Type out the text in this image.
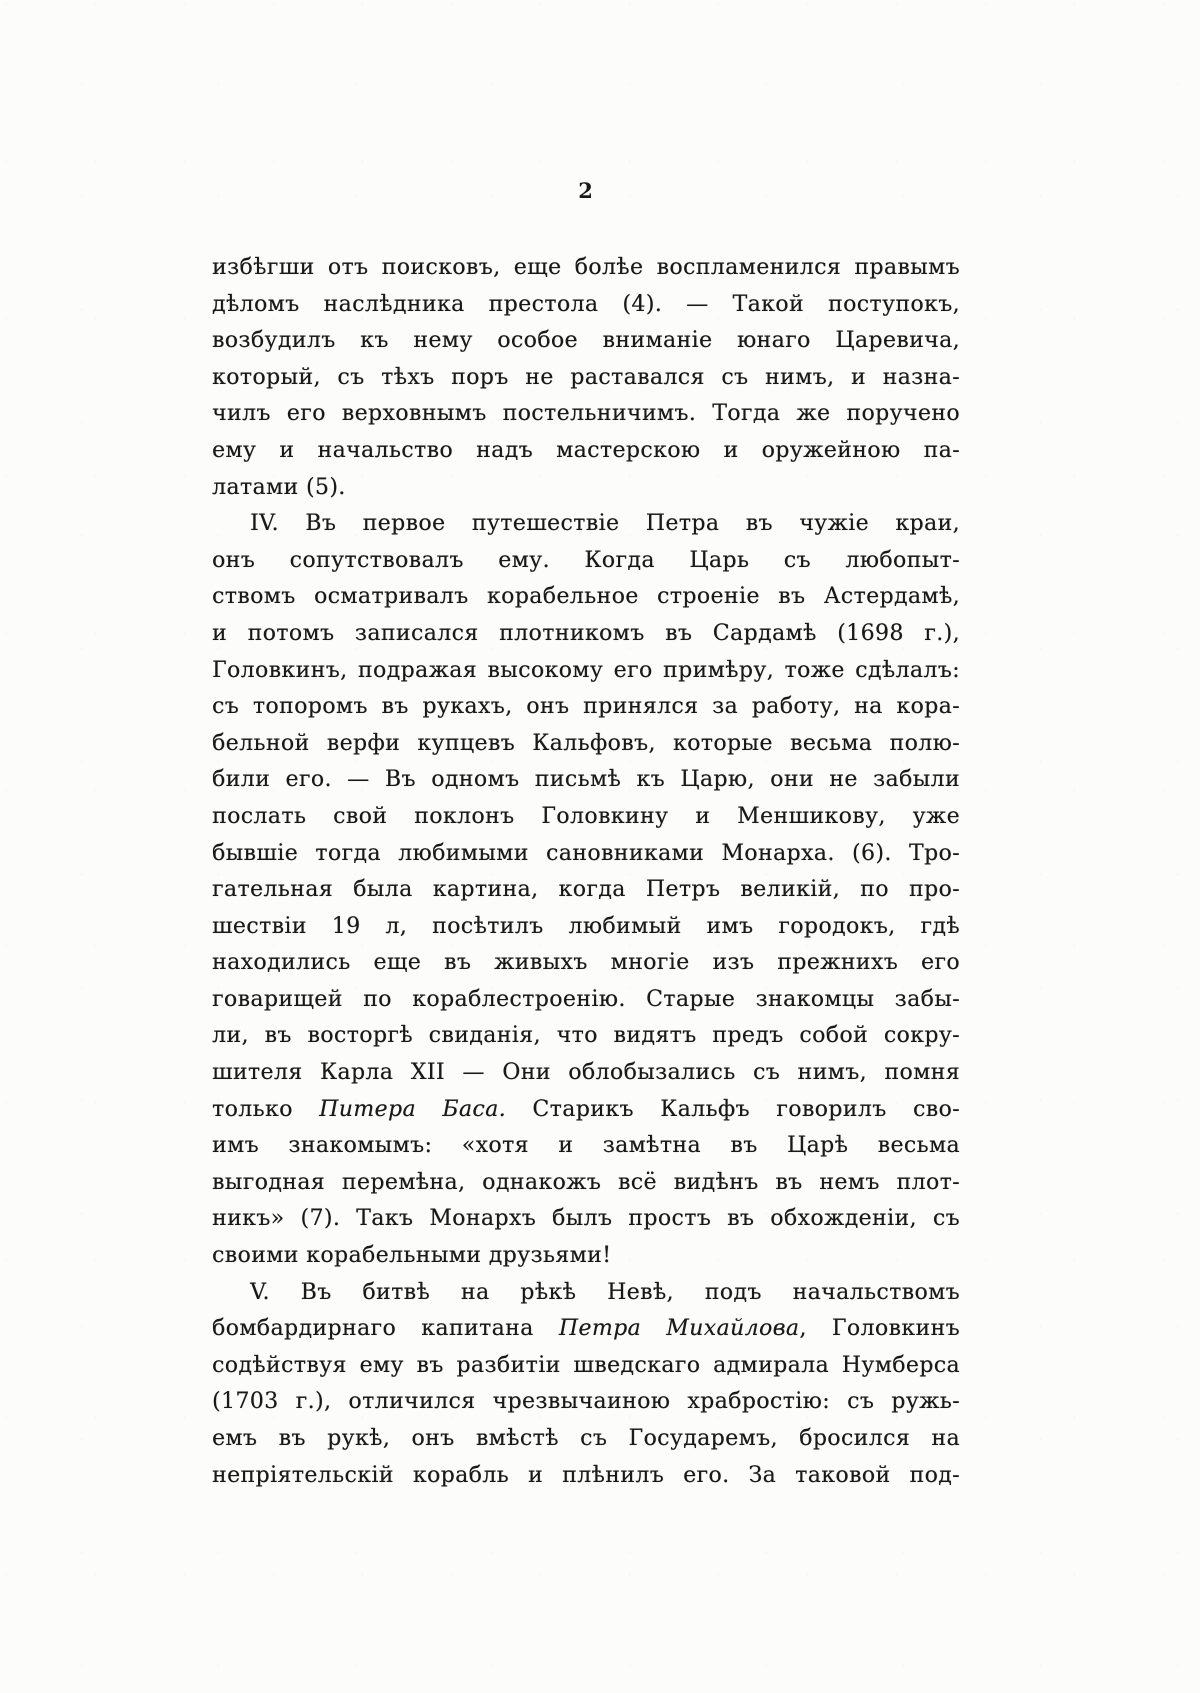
2
избѣгши отъ поисковъ, еще болѣе воспламенился правымъ
дѣломъ наслѣдника престола (4). — Такой поступокъ,
возбудилъ къ нему особое вниманіе юнаго Царевича,
который, съ тѣхъ поръ не раставался съ нимъ, и назна-
чилъ его верховнымъ постельничимъ. Тогда же поручено
ему и начальство надъ мастерскою и оружейною па-
латами (5).
IV. Въ первое путешествіе Петра въ чужіе краи,
онъ сопутствовалъ ему. Когда Царь съ любопыт-
ствомъ осматривалъ корабельное строеніе въ Астердамѣ,
и потомъ записался плотникомъ въ Сардамѣ (1698 г.),
Головкинъ, подражая высокому его примѣру, тоже сдѣлалъ:
съ топоромъ въ рукахъ, онъ принялся за работу, на кора-
бельной верфи купцевъ Кальфовъ, которые весьма полю-
били его. — Въ одномъ письмѣ къ Царю, они не забыли
послать свой поклонъ Головкину и Меншикову, уже
бывшіе тогда любимыми сановниками Монарха. (6). Тро-
гательная была картина, когда Петръ великій, по про-
шествіи 19 л, посѣтилъ любимый имъ городокъ, гдѣ
находились еще въ живыхъ многіе изъ прежнихъ его
говарищей по кораблестроенію. Старые знакомцы забы-
ли, въ восторгѣ свиданія, что видятъ предъ собой сокру-
шителя Карла XII — Они облобызались съ нимъ, помня
только Питера Баса. Старикъ Кальфъ говорилъ сво-
имъ знакомымъ: «хотя и замѣтна въ Царѣ весьма
выгодная перемѣна, однакожъ всё видѣнъ въ немъ плот-
никъ» (7). Такъ Монархъ былъ простъ въ обхожденіи, съ
своими корабельными друзьями!
V. Въ битвѣ на рѣкѣ Невѣ, подъ начальствомъ
бомбардирнаго капитана Петра Михайлова, Головкинъ
содѣйствуя ему въ разбитіи шведскаго адмирала Нумберса
(1703 г.), отличился чрезвычаиною храбростію: съ ружь-
емъ въ рукѣ, онъ вмѣстѣ съ Государемъ, бросился на
непріятельскій корабль и плѣнилъ его. За таковой под-
